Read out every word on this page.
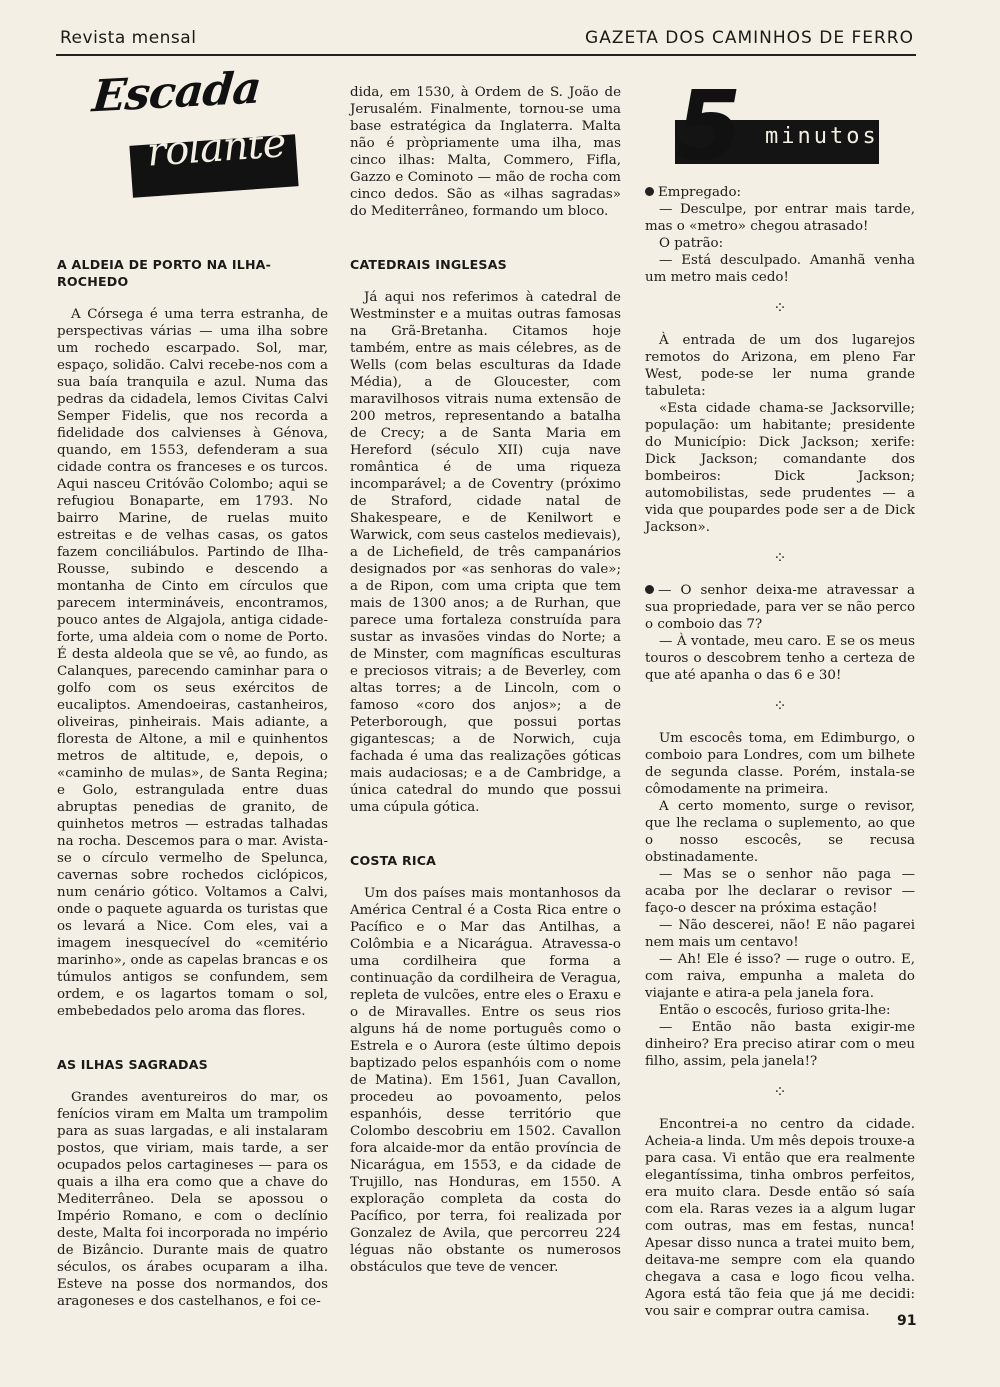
Revista mensal	GAZETA DOS CAMINHOS DE FERRO
Escada
rolante
A ALDEIA DE PORTO NA ILHA-ROCHEDO

A Córsega é uma terra estranha, de perspectivas várias — uma ilha sobre um rochedo escarpado. Sol, mar, espaço, solidão. Calvi recebe-nos com a sua baía tranquila e azul. Numa das pedras da cidadela, lemos Civitas Calvi Semper Fidelis, que nos recorda a fidelidade dos calvienses à Génova, quando, em 1553, defenderam a sua cidade contra os franceses e os turcos. Aqui nasceu Critóvão Colombo; aqui se refugiou Bonaparte, em 1793. No bairro Marine, de ruelas muito estreitas e de velhas casas, os gatos fazem conciliábulos. Partindo de Ilha-Rousse, subindo e descendo a montanha de Cinto em círculos que parecem intermináveis, encontramos, pouco antes de Algajola, antiga cidade-forte, uma aldeia com o nome de Porto. É desta aldeola que se vê, ao fundo, as Calanques, parecendo caminhar para o golfo com os seus exércitos de eucaliptos. Amendoeiras, castanheiros, oliveiras, pinheirais. Mais adiante, a floresta de Altone, a mil e quinhentos metros de altitude, e, depois, o «caminho de mulas», de Santa Regina; e Golo, estrangulada entre duas abruptas penedias de granito, de quinhetos metros — estradas talhadas na rocha. Descemos para o mar. Avista-se o círculo vermelho de Spelunca, cavernas sobre rochedos ciclópicos, num cenário gótico. Voltamos a Calvi, onde o paquete aguarda os turistas que os levará a Nice. Com eles, vai a imagem inesquecível do «cemitério marinho», onde as capelas brancas e os túmulos antigos se confundem, sem ordem, e os lagartos tomam o sol, embebedados pelo aroma das flores.

AS ILHAS SAGRADAS

Grandes aventureiros do mar, os fenícios viram em Malta um trampolim para as suas largadas, e ali instalaram postos, que viriam, mais tarde, a ser ocupados pelos cartagineses — para os quais a ilha era como que a chave do Mediterrâneo. Dela se apossou o Império Romano, e com o declínio deste, Malta foi incorporada no império de Bizâncio. Durante mais de quatro séculos, os árabes ocuparam a ilha. Esteve na posse dos normandos, dos aragoneses e dos castelhanos, e foi ce-

dida, em 1530, à Ordem de S. João de Jerusalém. Finalmente, tornou-se uma base estratégica da Inglaterra. Malta não é pròpriamente uma ilha, mas cinco ilhas: Malta, Commero, Fifla, Gazzo e Cominoto — mão de rocha com cinco dedos. São as «ilhas sagradas» do Mediterrâneo, formando um bloco.

CATEDRAIS INGLESAS

Já aqui nos referimos à catedral de Westminster e a muitas outras famosas na Grã-Bretanha. Citamos hoje também, entre as mais célebres, as de Wells (com belas esculturas da Idade Média), a de Gloucester, com maravilhosos vitrais numa extensão de 200 metros, representando a batalha de Crecy; a de Santa Maria em Hereford (século XII) cuja nave romântica é de uma riqueza incomparável; a de Coventry (próximo de Straford, cidade natal de Shakespeare, e de Kenilwort e Warwick, com seus castelos medievais), a de Lichefield, de três campanários designados por «as senhoras do vale»; a de Ripon, com uma cripta que tem mais de 1300 anos; a de Rurhan, que parece uma fortaleza construída para sustar as invasões vindas do Norte; a de Minster, com magníficas esculturas e preciosos vitrais; a de Beverley, com altas torres; a de Lincoln, com o famoso «coro dos anjos»; a de Peterborough, que possui portas gigantescas; a de Norwich, cuja fachada é uma das realizações góticas mais audaciosas; e a de Cambridge, a única catedral do mundo que possui uma cúpula gótica.

COSTA RICA

Um dos países mais montanhosos da América Central é a Costa Rica entre o Pacífico e o Mar das Antilhas, a Colômbia e a Nicarágua. Atravessa-o uma cordilheira que forma a continuação da cordilheira de Veragua, repleta de vulcões, entre eles o Eraxu e o de Miravalles. Entre os seus rios alguns há de nome português como o Estrela e o Aurora (este último depois baptizado pelos espanhóis com o nome de Matina). Em 1561, Juan Cavallon, procedeu ao povoamento, pelos espanhóis, desse território que Colombo descobriu em 1502. Cavallon fora alcaide-mor da então província de Nicarágua, em 1553, e da cidade de Trujillo, nas Honduras, em 1550. A exploração completa da costa do Pacífico, por terra, foi realizada por Gonzalez de Avila, que percorreu 224 léguas não obstante os numerosos obstáculos que teve de vencer.

5 minutos

Empregado:

— Desculpe, por entrar mais tarde, mas o «metro» chegou atrasado!

O patrão:

— Está desculpado. Amanhã venha um metro mais cedo!

⁘

À entrada de um dos lugarejos remotos do Arizona, em pleno Far West, pode-se ler numa grande tabuleta:

«Esta cidade chama-se Jacksorville; população: um habitante; presidente do Município: Dick Jackson; xerife: Dick Jackson; comandante dos bombeiros: Dick Jackson; automobilistas, sede prudentes — a vida que poupardes pode ser a de Dick Jackson».

⁘

— O senhor deixa-me atravessar a sua propriedade, para ver se não perco o comboio das 7?

— À vontade, meu caro. E se os meus touros o descobrem tenho a certeza de que até apanha o das 6 e 30!

⁘

Um escocês toma, em Edimburgo, o comboio para Londres, com um bilhete de segunda classe. Porém, instala-se cômodamente na primeira.

A certo momento, surge o revisor, que lhe reclama o suplemento, ao que o nosso escocês, se recusa obstinadamente.

— Mas se o senhor não paga — acaba por lhe declarar o revisor — faço-o descer na próxima estação!

— Não descerei, não! E não pagarei nem mais um centavo!

— Ah! Ele é isso? — ruge o outro. E, com raiva, empunha a maleta do viajante e atira-a pela janela fora.

Então o escocês, furioso grita-lhe:

— Então não basta exigir-me dinheiro? Era preciso atirar com o meu filho, assim, pela janela!?

⁘

Encontrei-a no centro da cidade. Acheia-a linda. Um mês depois trouxe-a para casa. Vi então que era realmente elegantíssima, tinha ombros perfeitos, era muito clara. Desde então só saía com ela. Raras vezes ia a algum lugar com outras, mas em festas, nunca! Apesar disso nunca a tratei muito bem, deitava-me sempre com ela quando chegava a casa e logo ficou velha. Agora está tão feia que já me decidi: vou sair e comprar outra camisa.

91
